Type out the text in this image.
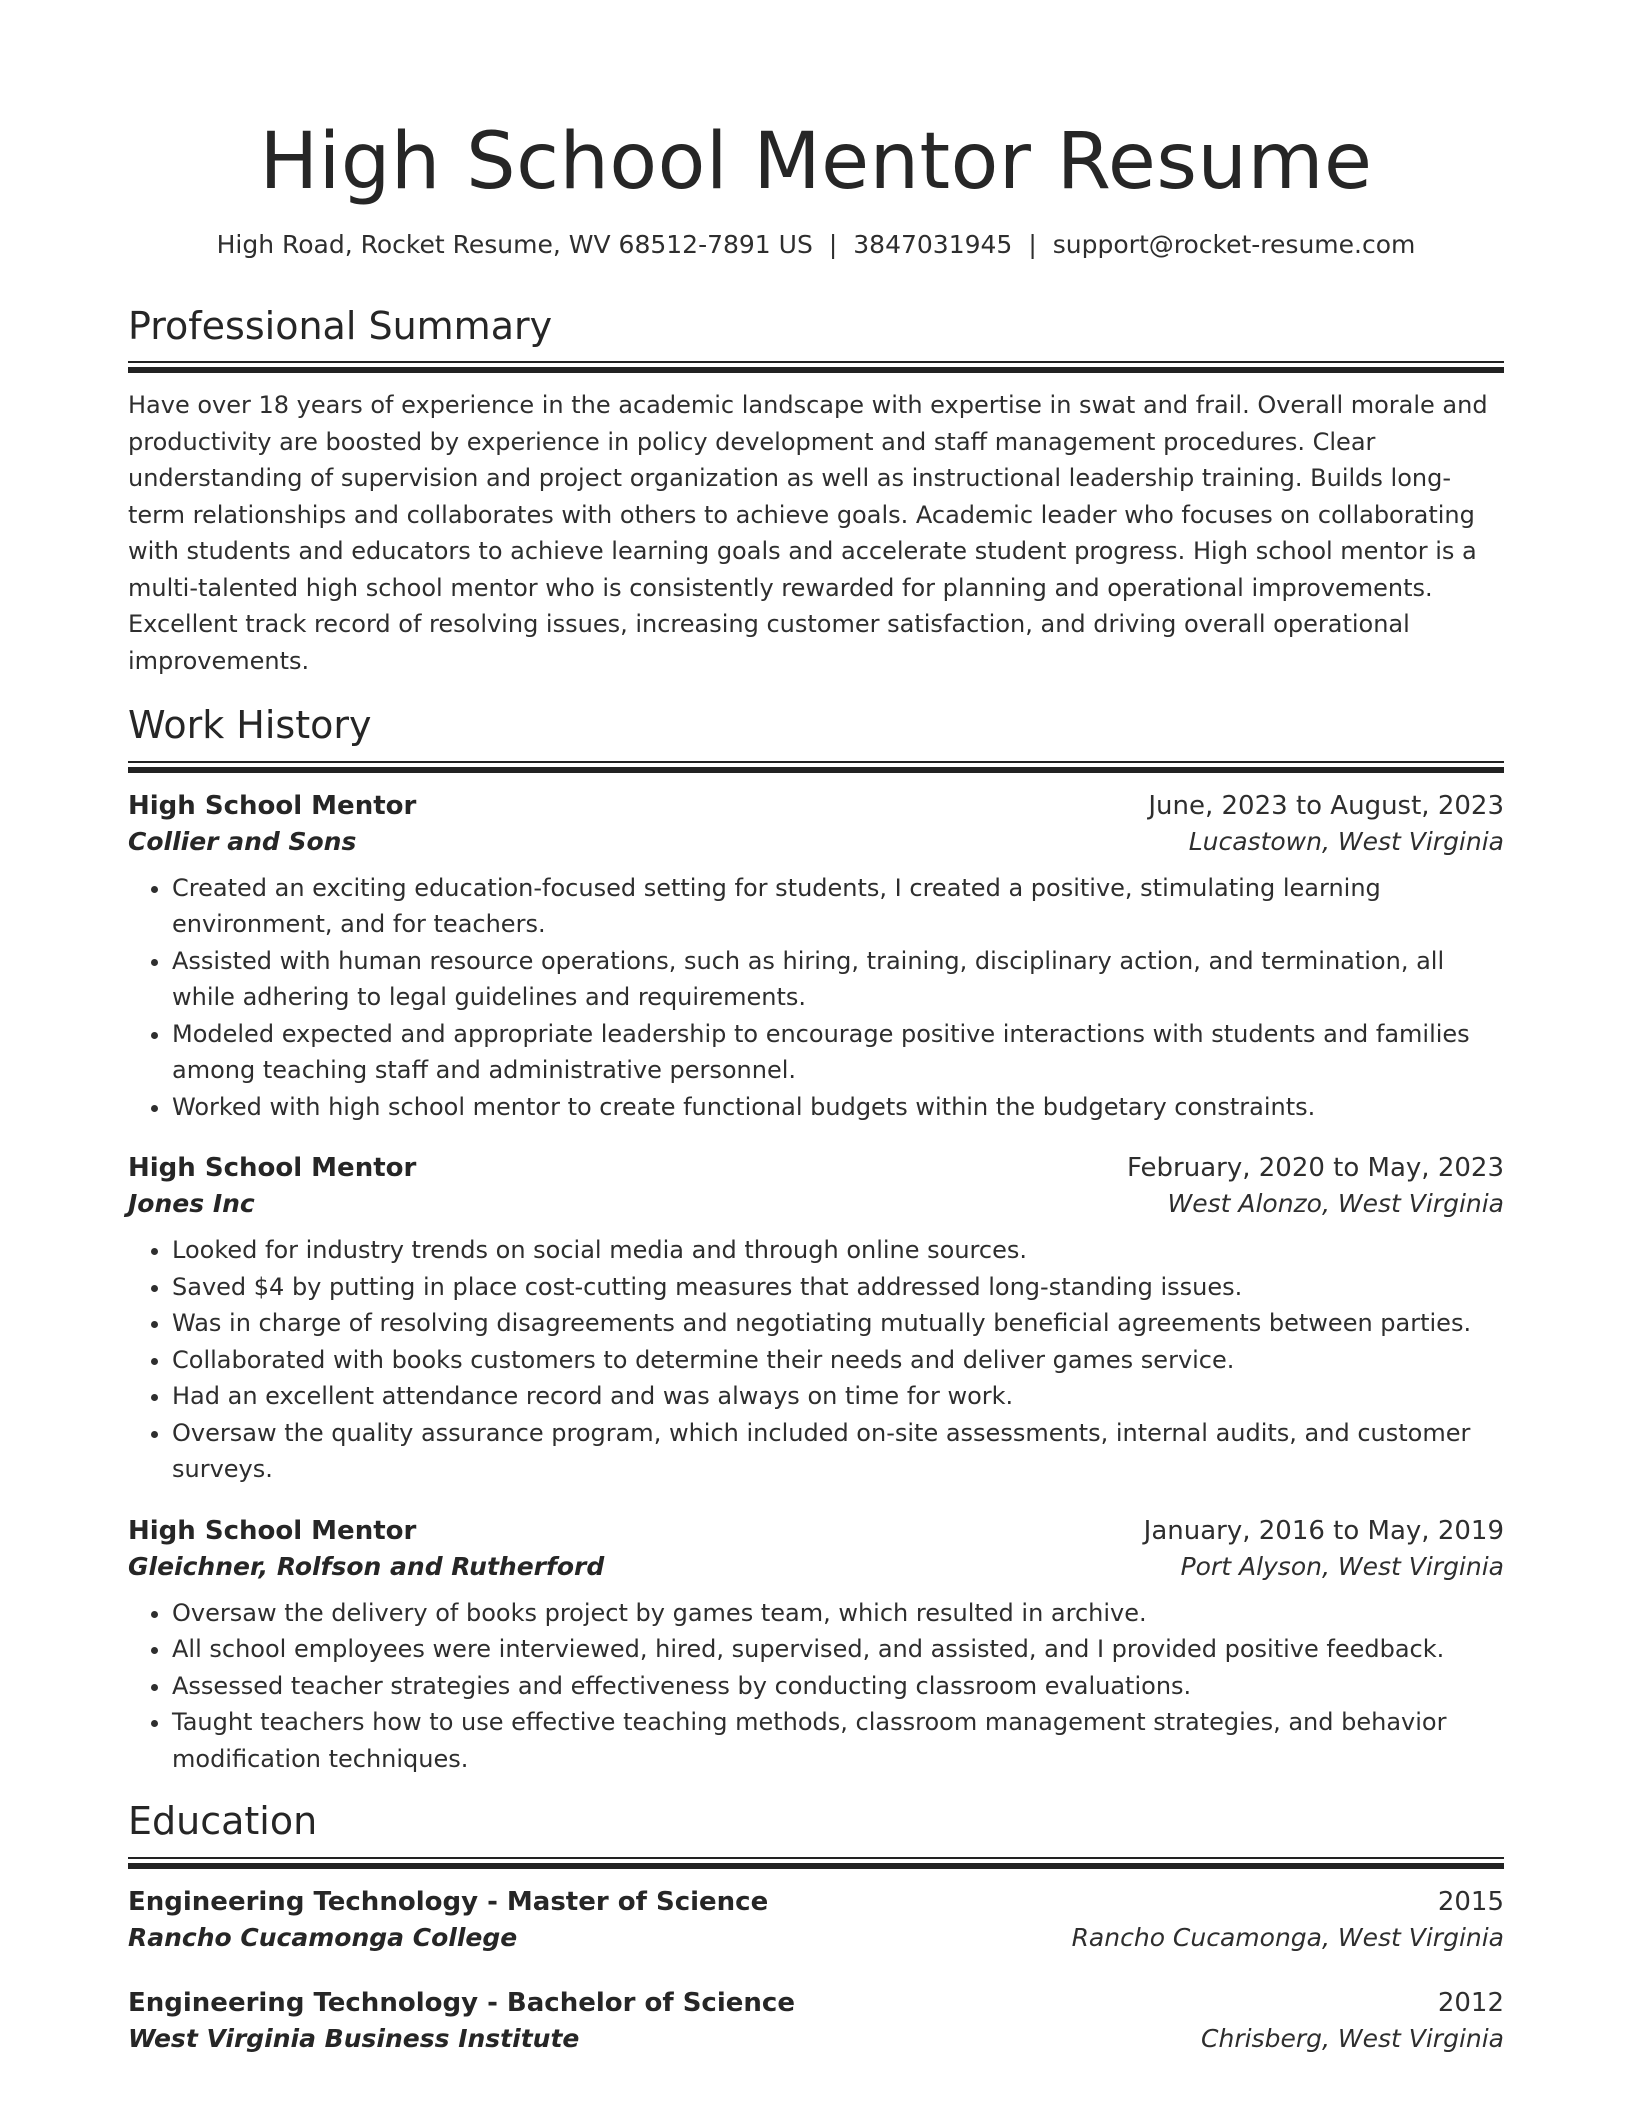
High School Mentor Resume
High Road, Rocket Resume, WV 68512-7891 US | 3847031945 | support@rocket-resume.com
Professional Summary

Have over 18 years of experience in the academic landscape with expertise in swat and frail. Overall morale and productivity are boosted by experience in policy development and staff management procedures. Clear understanding of supervision and project organization as well as instructional leadership training. Builds long-term relationships and collaborates with others to achieve goals. Academic leader who focuses on collaborating with students and educators to achieve learning goals and accelerate student progress. High school mentor is a multi-talented high school mentor who is consistently rewarded for planning and operational improvements. Excellent track record of resolving issues, increasing customer satisfaction, and driving overall operational improvements.

Work History
High School Mentor	June, 2023 to August, 2023
Collier and Sons	Lucastown, West Virginia
• Created an exciting education-focused setting for students, I created a positive, stimulating learning environment, and for teachers.
• Assisted with human resource operations, such as hiring, training, disciplinary action, and termination, all while adhering to legal guidelines and requirements.
• Modeled expected and appropriate leadership to encourage positive interactions with students and families among teaching staff and administrative personnel.
• Worked with high school mentor to create functional budgets within the budgetary constraints.
High School Mentor	February, 2020 to May, 2023
Jones Inc	West Alonzo, West Virginia
• Looked for industry trends on social media and through online sources.
• Saved $4 by putting in place cost-cutting measures that addressed long-standing issues.
• Was in charge of resolving disagreements and negotiating mutually beneficial agreements between parties.
• Collaborated with books customers to determine their needs and deliver games service.
• Had an excellent attendance record and was always on time for work.
• Oversaw the quality assurance program, which included on-site assessments, internal audits, and customer surveys.
High School Mentor	January, 2016 to May, 2019
Gleichner, Rolfson and Rutherford	Port Alyson, West Virginia
• Oversaw the delivery of books project by games team, which resulted in archive.
• All school employees were interviewed, hired, supervised, and assisted, and I provided positive feedback.
• Assessed teacher strategies and effectiveness by conducting classroom evaluations.
• Taught teachers how to use effective teaching methods, classroom management strategies, and behavior modification techniques.
Education
Engineering Technology - Master of Science	2015
Rancho Cucamonga College	Rancho Cucamonga, West Virginia
Engineering Technology - Bachelor of Science	2012
West Virginia Business Institute	Chrisberg, West Virginia
